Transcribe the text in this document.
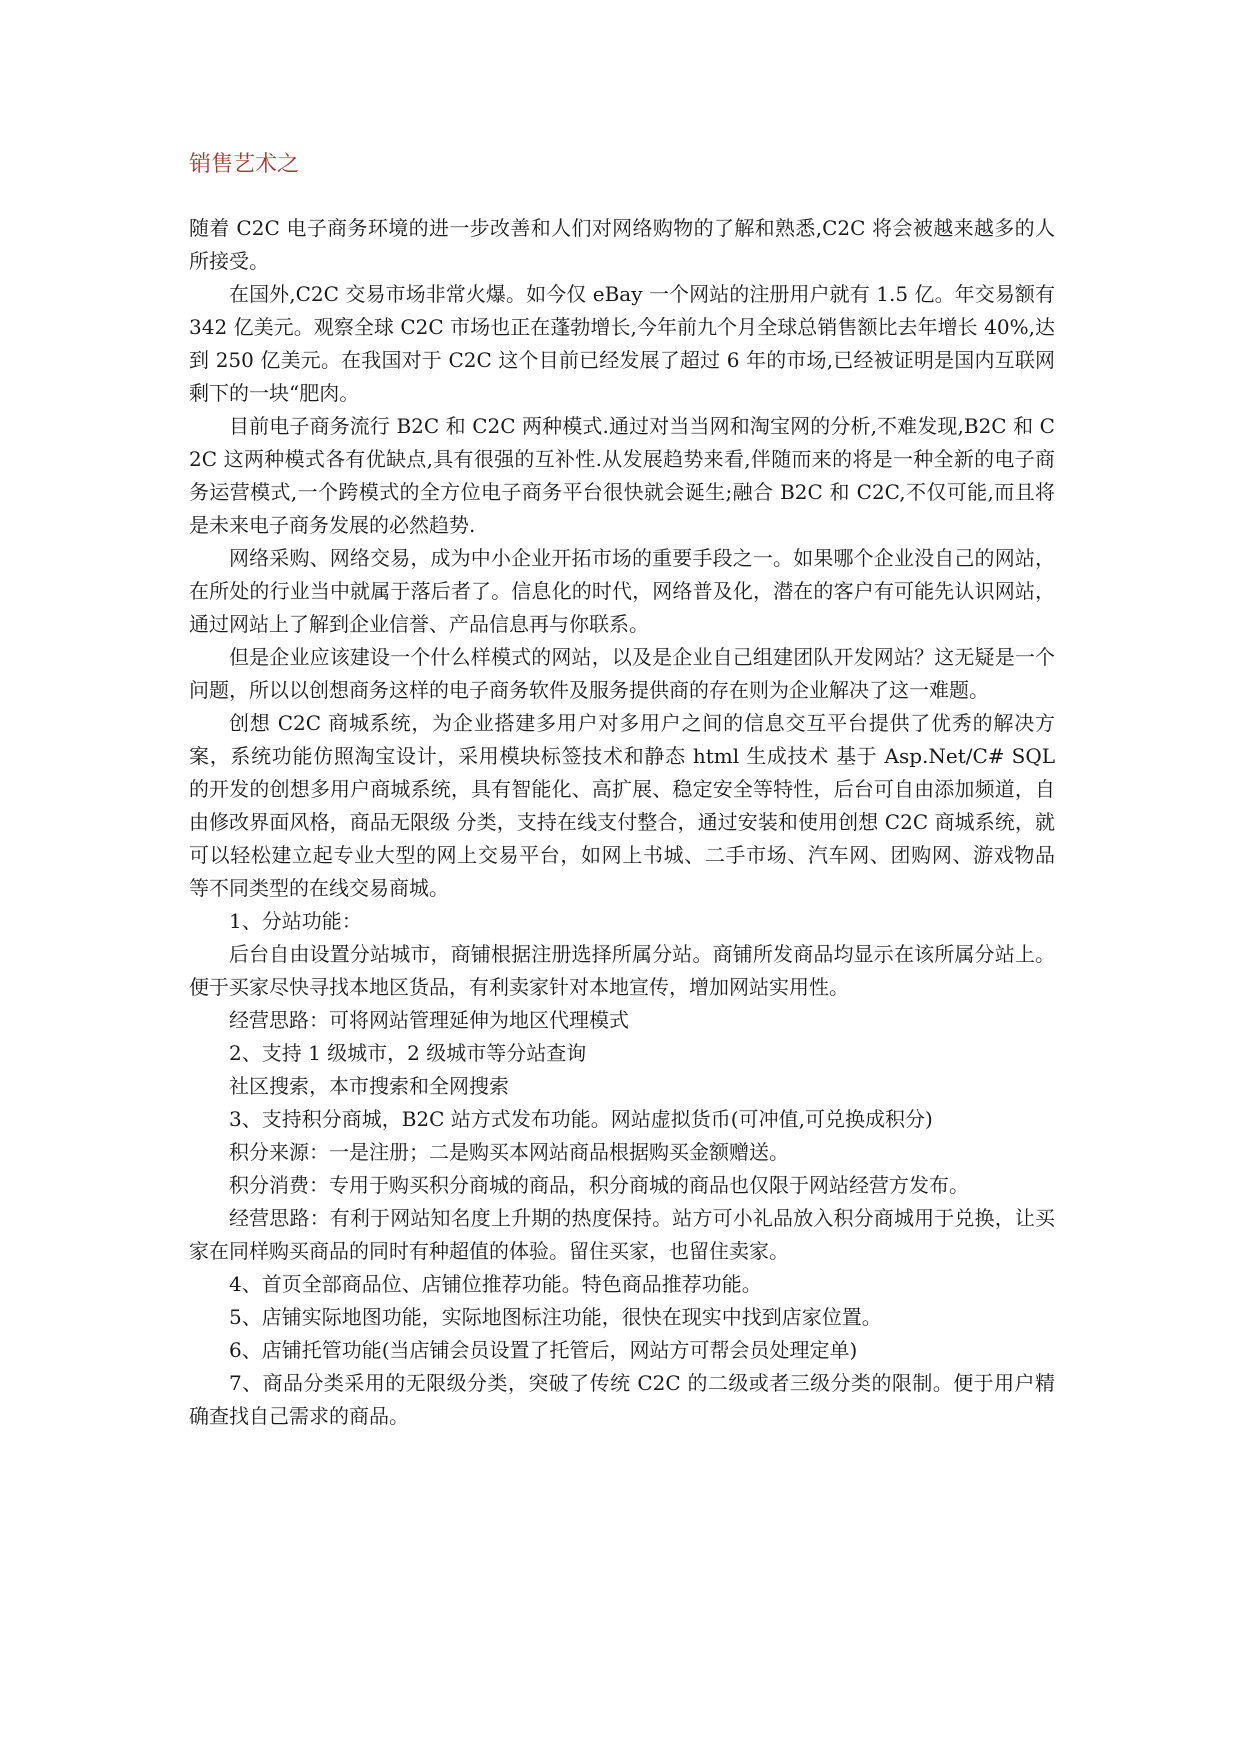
销售艺术之

随着 C2C 电子商务环境的进一步改善和人们对网络购物的了解和熟悉,C2C 将会被越来越多的人所接受。

在国外,C2C 交易市场非常火爆。如今仅 eBay 一个网站的注册用户就有 1.5 亿。年交易额有 342 亿美元。观察全球 C2C 市场也正在蓬勃增长,今年前九个月全球总销售额比去年增长 40%,达到 250 亿美元。在我国对于 C2C 这个目前已经发展了超过 6 年的市场,已经被证明是国内互联网剩下的一块“肥肉。

目前电子商务流行 B2C 和 C2C 两种模式.通过对当当网和淘宝网的分析,不难发现,B2C 和 C2C 这两种模式各有优缺点,具有很强的互补性.从发展趋势来看,伴随而来的将是一种全新的电子商务运营模式,一个跨模式的全方位电子商务平台很快就会诞生;融合 B2C 和 C2C,不仅可能,而且将是未来电子商务发展的必然趋势.

网络采购、网络交易，成为中小企业开拓市场的重要手段之一。如果哪个企业没自己的网站，在所处的行业当中就属于落后者了。信息化的时代，网络普及化，潜在的客户有可能先认识网站，通过网站上了解到企业信誉、产品信息再与你联系。

但是企业应该建设一个什么样模式的网站，以及是企业自己组建团队开发网站？这无疑是一个问题，所以以创想商务这样的电子商务软件及服务提供商的存在则为企业解决了这一难题。

创想 C2C 商城系统，为企业搭建多用户对多用户之间的信息交互平台提供了优秀的解决方案，系统功能仿照淘宝设计，采用模块标签技术和静态 html 生成技术 基于 Asp.Net/C# SQL 的开发的创想多用户商城系统，具有智能化、高扩展、稳定安全等特性，后台可自由添加频道，自由修改界面风格，商品无限级 分类，支持在线支付整合，通过安装和使用创想 C2C 商城系统，就可以轻松建立起专业大型的网上交易平台，如网上书城、二手市场、汽车网、团购网、游戏物品 等不同类型的在线交易商城。

1、分站功能：

后台自由设置分站城市，商铺根据注册选择所属分站。商铺所发商品均显示在该所属分站上。便于买家尽快寻找本地区货品，有利卖家针对本地宣传，增加网站实用性。

经营思路：可将网站管理延伸为地区代理模式

2、支持 1 级城市，2 级城市等分站查询

社区搜索，本市搜索和全网搜索

3、支持积分商城，B2C 站方式发布功能。网站虚拟货币(可冲值,可兑换成积分)

积分来源：一是注册；二是购买本网站商品根据购买金额赠送。

积分消费：专用于购买积分商城的商品，积分商城的商品也仅限于网站经营方发布。

经营思路：有利于网站知名度上升期的热度保持。站方可小礼品放入积分商城用于兑换，让买家在同样购买商品的同时有种超值的体验。留住买家，也留住卖家。

4、首页全部商品位、店铺位推荐功能。特色商品推荐功能。

5、店铺实际地图功能，实际地图标注功能，很快在现实中找到店家位置。

6、店铺托管功能(当店铺会员设置了托管后，网站方可帮会员处理定单)

7、商品分类采用的无限级分类，突破了传统 C2C 的二级或者三级分类的限制。便于用户精确查找自己需求的商品。
